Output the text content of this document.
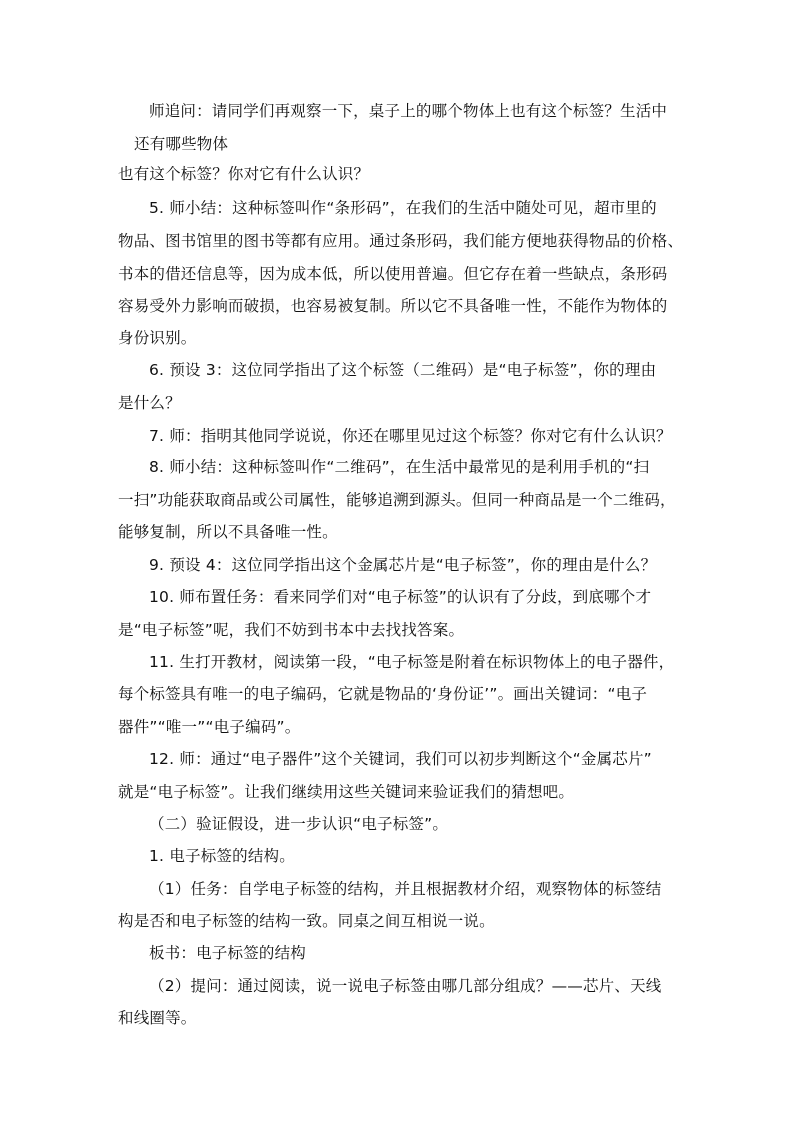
师追问：请同学们再观察一下，桌子上的哪个物体上也有这个标签？生活中
还有哪些物体
也有这个标签？你对它有什么认识？
5. 师小结：这种标签叫作“条形码”，在我们的生活中随处可见，超市里的
物品、图书馆里的图书等都有应用。通过条形码，我们能方便地获得物品的价格、
书本的借还信息等，因为成本低，所以使用普遍。但它存在着一些缺点，条形码
容易受外力影响而破损，也容易被复制。所以它不具备唯一性，不能作为物体的
身份识别。
6. 预设 3：这位同学指出了这个标签（二维码）是“电子标签”，你的理由
是什么？
7. 师：指明其他同学说说，你还在哪里见过这个标签？你对它有什么认识？
8. 师小结：这种标签叫作“二维码”，在生活中最常见的是利用手机的“扫
一扫”功能获取商品或公司属性，能够追溯到源头。但同一种商品是一个二维码，
能够复制，所以不具备唯一性。
9. 预设 4：这位同学指出这个金属芯片是“电子标签”，你的理由是什么？
10. 师布置任务：看来同学们对“电子标签”的认识有了分歧，到底哪个才
是“电子标签”呢，我们不妨到书本中去找找答案。
11. 生打开教材，阅读第一段，“电子标签是附着在标识物体上的电子器件，
每个标签具有唯一的电子编码，它就是物品的‘身份证’”。画出关键词：“电子
器件”“唯一”“电子编码”。
12. 师：通过“电子器件”这个关键词，我们可以初步判断这个“金属芯片”
就是“电子标签”。让我们继续用这些关键词来验证我们的猜想吧。
（二）验证假设，进一步认识“电子标签”。
1. 电子标签的结构。
（1）任务：自学电子标签的结构，并且根据教材介绍，观察物体的标签结
构是否和电子标签的结构一致。同桌之间互相说一说。
板书：电子标签的结构
（2）提问：通过阅读，说一说电子标签由哪几部分组成？——芯片、天线
和线圈等。
